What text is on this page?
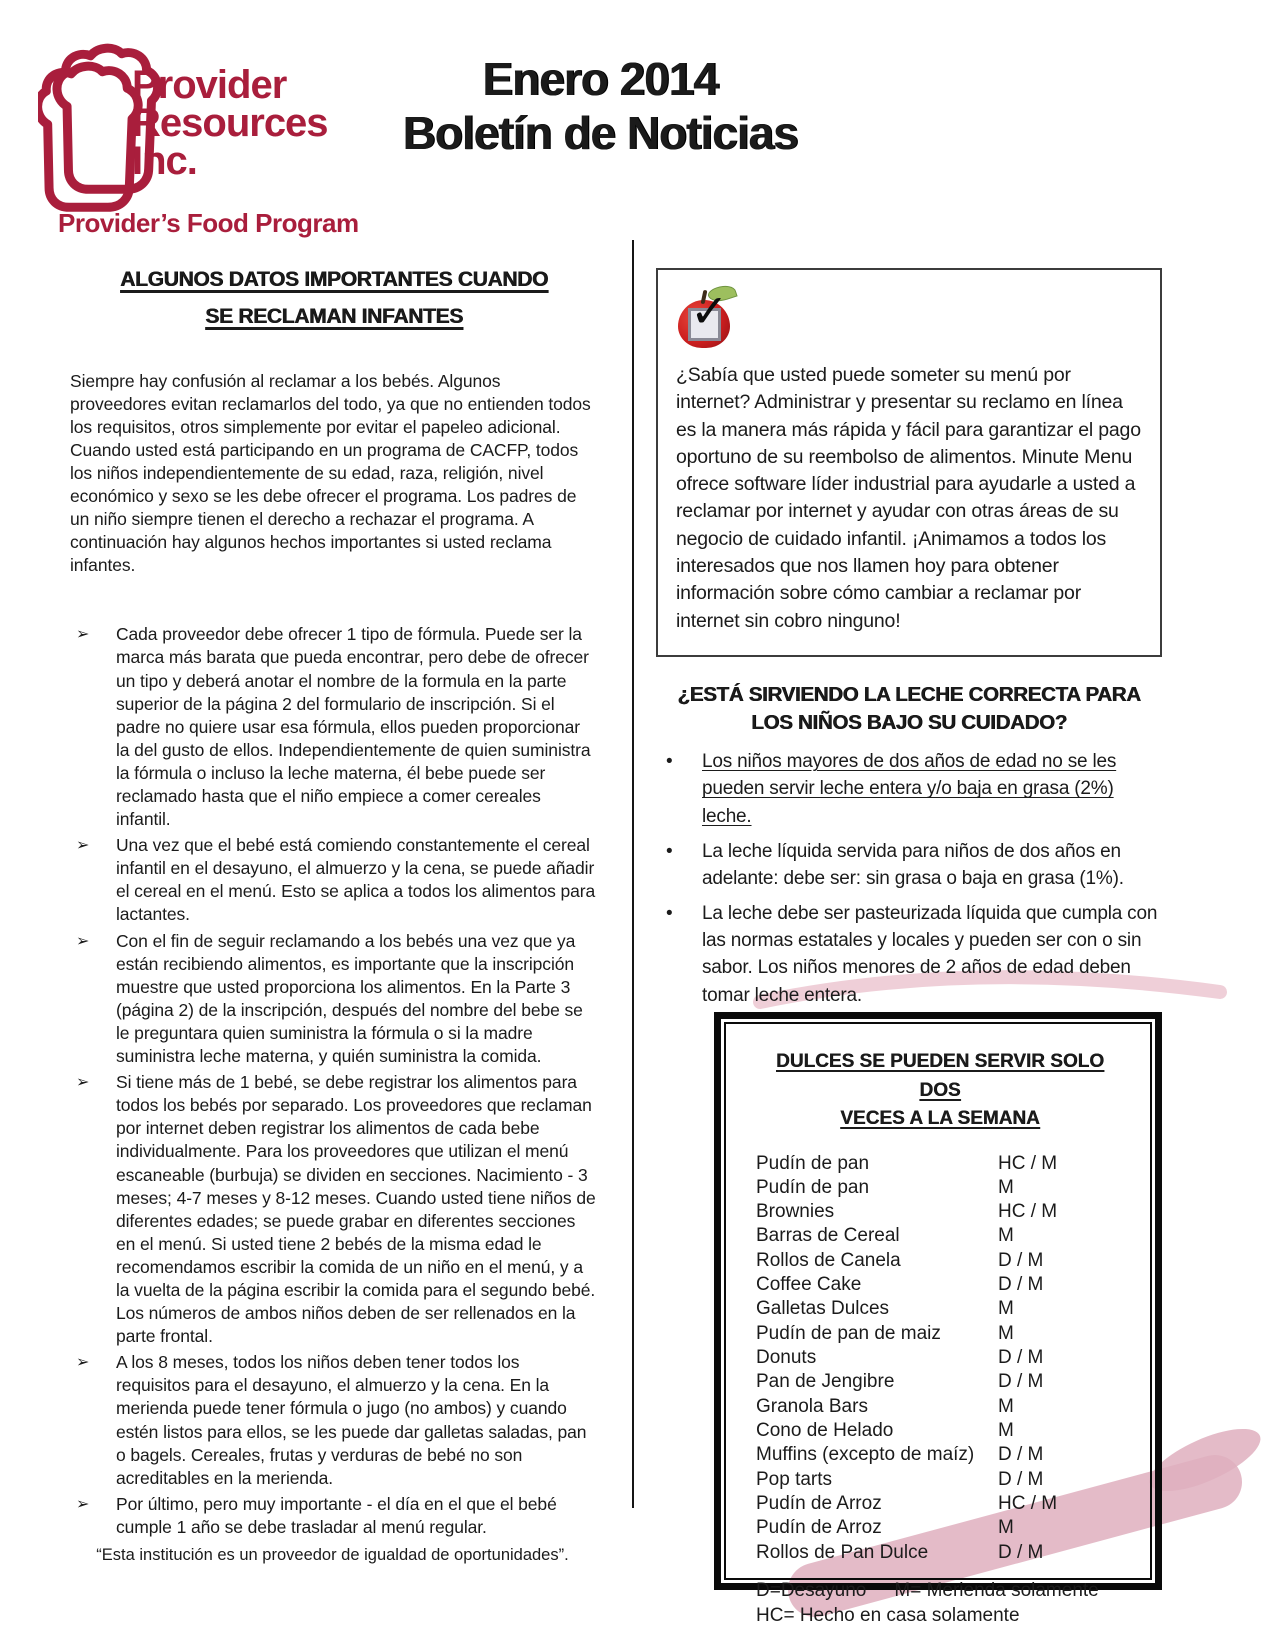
Provider
Resources
Inc.
Provider’s Food Program
Enero 2014
Boletín de Noticias
ALGUNOS DATOS IMPORTANTES CUANDO
SE RECLAMAN INFANTES
Siempre hay confusión al reclamar a los bebés. Algunos proveedores evitan reclamarlos del todo, ya que no entienden todos los requisitos, otros simplemente por evitar el papeleo adicional. Cuando usted está participando en un programa de CACFP, todos los niños independientemente de su edad, raza, religión, nivel económico y sexo se les debe ofrecer el programa. Los padres de un niño siempre tienen el derecho a rechazar el programa. A continuación hay algunos hechos importantes si usted reclama infantes.
➢ Cada proveedor debe ofrecer 1 tipo de fórmula. Puede ser la marca más barata que pueda encontrar, pero debe de ofrecer un tipo y deberá anotar el nombre de la formula en la parte superior de la página 2 del formulario de inscripción. Si el padre no quiere usar esa fórmula, ellos pueden proporcionar la del gusto de ellos. Independientemente de quien suministra la fórmula o incluso la leche materna, él bebe puede ser reclamado hasta que el niño empiece a comer cereales infantil.
➢ Una vez que el bebé está comiendo constantemente el cereal infantil en el desayuno, el almuerzo y la cena, se puede añadir el cereal en el menú. Esto se aplica a todos los alimentos para lactantes.
➢ Con el fin de seguir reclamando a los bebés una vez que ya están recibiendo alimentos, es importante que la inscripción muestre que usted proporciona los alimentos. En la Parte 3 (página 2) de la inscripción, después del nombre del bebe se le preguntara quien suministra la fórmula o si la madre suministra leche materna, y quién suministra la comida.
➢ Si tiene más de 1 bebé, se debe registrar los alimentos para todos los bebés por separado. Los proveedores que reclaman por internet deben registrar los alimentos de cada bebe individualmente. Para los proveedores que utilizan el menú escaneable (burbuja) se dividen en secciones. Nacimiento - 3 meses; 4-7 meses y 8-12 meses. Cuando usted tiene niños de diferentes edades; se puede grabar en diferentes secciones en el menú. Si usted tiene 2 bebés de la misma edad le recomendamos escribir la comida de un niño en el menú, y a la vuelta de la página escribir la comida para el segundo bebé. Los números de ambos niños deben de ser rellenados en la parte frontal.
➢ A los 8 meses, todos los niños deben tener todos los requisitos para el desayuno, el almuerzo y la cena. En la merienda puede tener fórmula o jugo (no ambos) y cuando estén listos para ellos, se les puede dar galletas saladas, pan o bagels. Cereales, frutas y verduras de bebé no son acreditables en la merienda.
➢ Por último, pero muy importante - el día en el que el bebé cumple 1 año se debe trasladar al menú regular.
“Esta institución es un proveedor de igualdad de oportunidades”.
✓
¿Sabía que usted puede someter su menú por internet? Administrar y presentar su reclamo en línea es la manera más rápida y fácil para garantizar el pago oportuno de su reembolso de alimentos. Minute Menu ofrece software líder industrial para ayudarle a usted a reclamar por internet y ayudar con otras áreas de su negocio de cuidado infantil. ¡Animamos a todos los interesados que nos llamen hoy para obtener información sobre cómo cambiar a reclamar por internet sin cobro ninguno!
¿ESTÁ SIRVIENDO LA LECHE CORRECTA PARA
LOS NIÑOS BAJO SU CUIDADO?
• Los niños mayores de dos años de edad no se les pueden servir leche entera y/o baja en grasa (2%) leche.
• La leche líquida servida para niños de dos años en adelante: debe ser: sin grasa o baja en grasa (1%).
• La leche debe ser pasteurizada líquida que cumpla con las normas estatales y locales y pueden ser con o sin sabor. Los niños menores de 2 años de edad deben tomar leche entera.
DULCES SE PUEDEN SERVIR SOLO DOS
VECES A LA SEMANA
Pudín de pan	HC / M
Pudín de pan	M
Brownies	HC / M
Barras de Cereal	M
Rollos de Canela	D / M
Coffee Cake	D / M
Galletas Dulces	M
Pudín de pan de maiz	M
Donuts	D / M
Pan de Jengibre	D / M
Granola Bars	M
Cono de Helado	M
Muffins (excepto de maíz)	D / M
Pop tarts	D / M
Pudín de Arroz	HC / M
Pudín de Arroz	M
Rollos de Pan Dulce	D / M
D=Desayuno M= Merienda solamente
HC= Hecho en casa solamente
